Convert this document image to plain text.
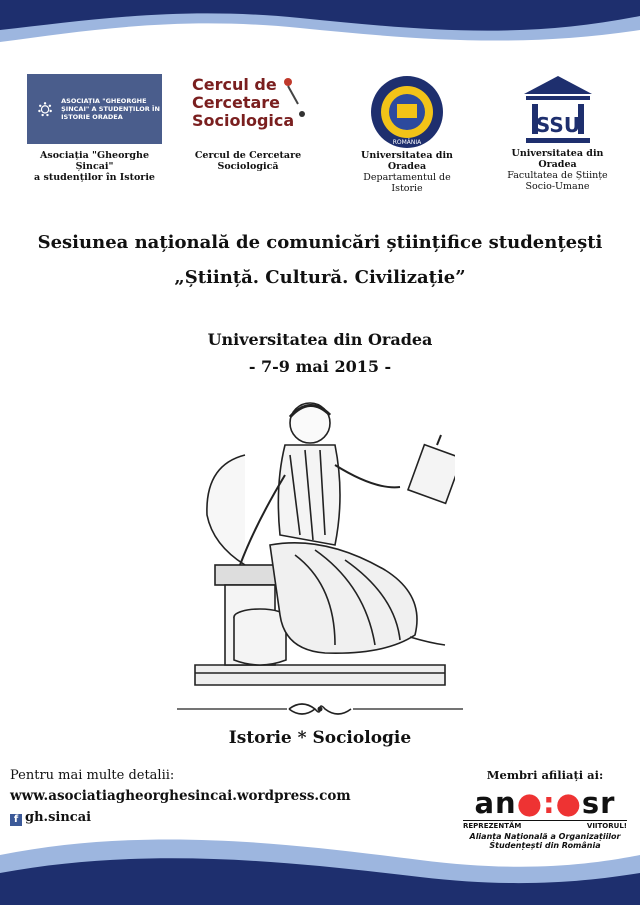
ASOCIAȚIA "GHEORGHE ȘINCAI" A STUDENȚILOR ÎN ISTORIE ORADEA
Asociația "Gheorghe Șincai"
a studenților în Istorie
Cercul de
Cercetare
Sociologica
Cercul de Cercetare Sociologică
ROMÂNIA
Universitatea din Oradea
Departamentul de Istorie
SSU
Universitatea din Oradea
Facultatea de Științe
Socio-Umane
Sesiunea națională de comunicări științifice studențești
„Știință. Cultură. Civilizație”
Universitatea din Oradea
- 7-9 mai 2015 -
Istorie * Sociologie
Pentru mai multe detalii:
www.asociatiagheorghesincai.wordpress.com
f gh.sincai
Membri afiliați ai:
an●:●sr
REPREZENTĂM	VIITORUL!
Alianța Națională a Organizațiilor Studențești din România
